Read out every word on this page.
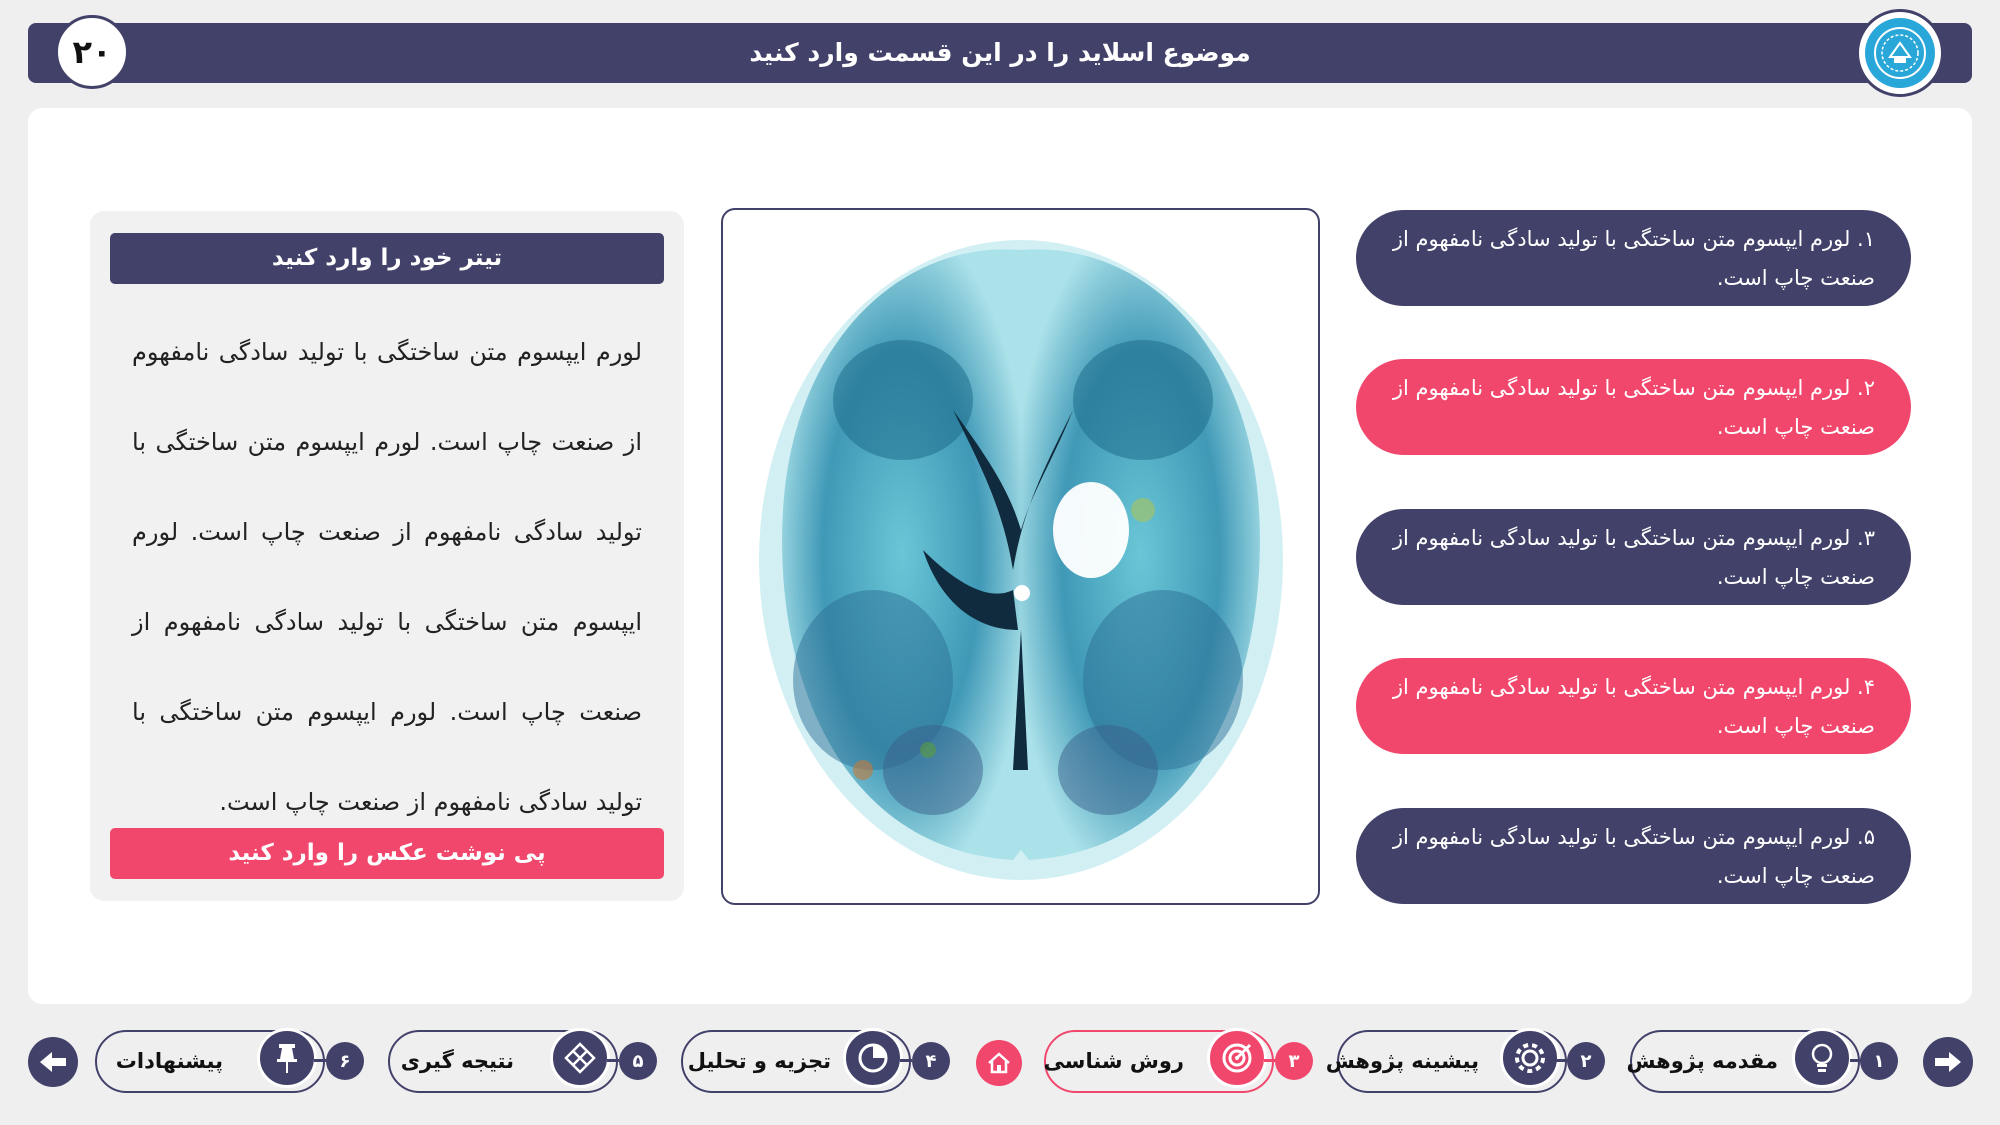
موضوع اسلاید را در این قسمت وارد کنید
۲۰
تیتر خود را وارد کنید
لورم ایپسوم متن ساختگی با تولید سادگی نامفهوم از صنعت چاپ است. لورم ایپسوم متن ساختگی با تولید سادگی نامفهوم از صنعت چاپ است. لورم ایپسوم متن ساختگی با تولید سادگی نامفهوم از صنعت چاپ است. لورم ایپسوم متن ساختگی با تولید سادگی نامفهوم از صنعت چاپ است.
پی نوشت عکس را وارد کنید
۱. لورم ایپسوم متن ساختگی با تولید سادگی نامفهوم از صنعت چاپ است.
۲. لورم ایپسوم متن ساختگی با تولید سادگی نامفهوم از صنعت چاپ است.
۳. لورم ایپسوم متن ساختگی با تولید سادگی نامفهوم از صنعت چاپ است.
۴. لورم ایپسوم متن ساختگی با تولید سادگی نامفهوم از صنعت چاپ است.
۵. لورم ایپسوم متن ساختگی با تولید سادگی نامفهوم از صنعت چاپ است.
مقدمه پژوهش	۱
پیشینه پژوهش	۲
روش شناسی	۳
تجزیه و تحلیل	۴
نتیجه گیری	۵
پیشنهادات	۶
